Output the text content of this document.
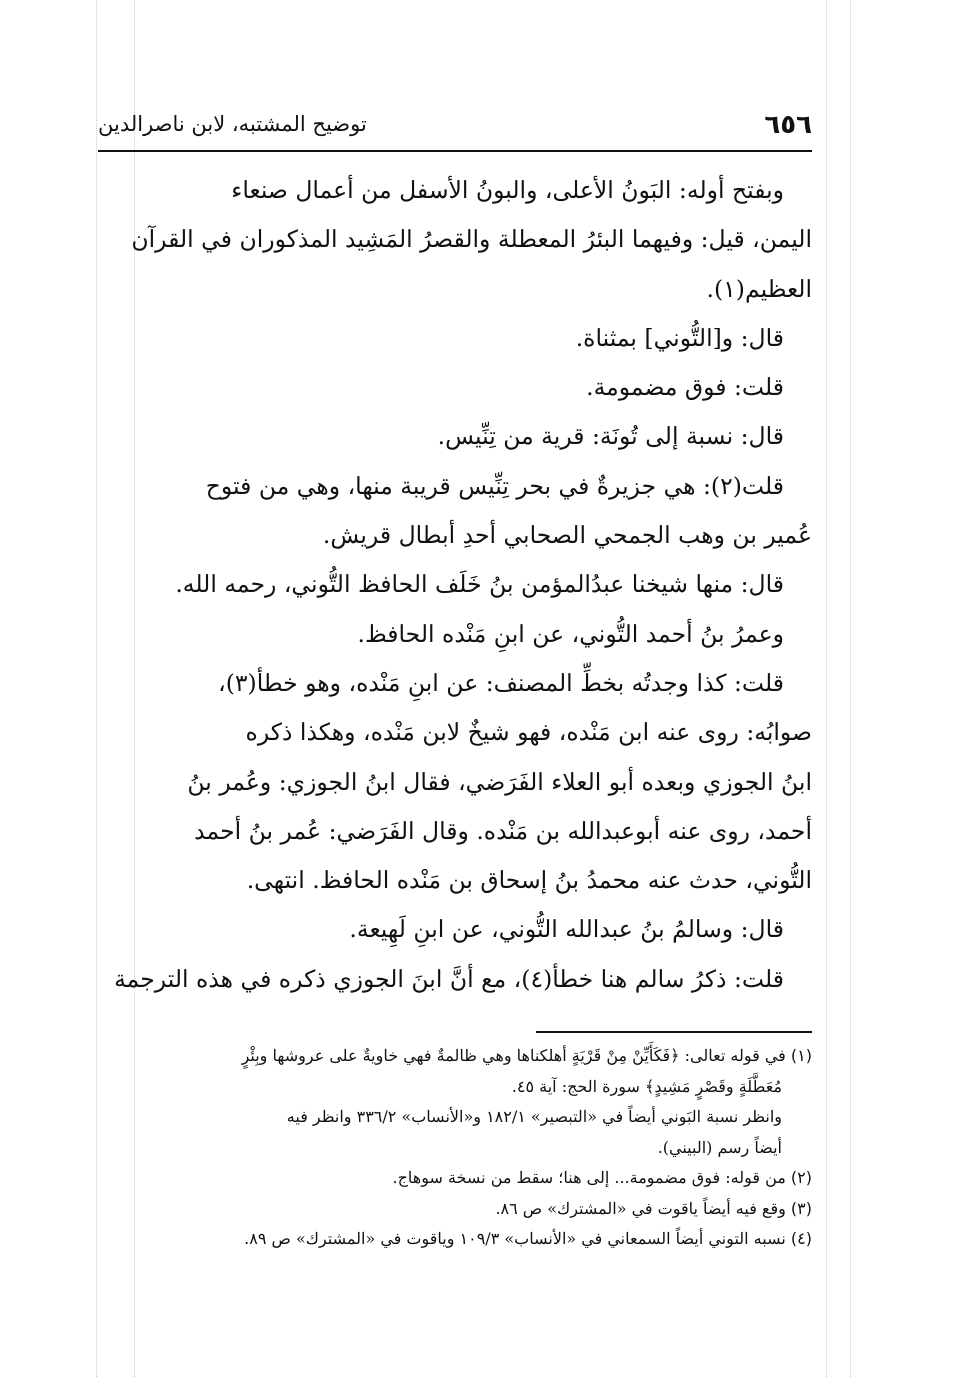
٦٥٦
توضيح المشتبه، لابن ناصرالدين

وبفتح أوله: البَونُ الأعلى، والبونُ الأسفل من أعمال صنعاء

اليمن، قيل: وفيهما البئرُ المعطلة والقصرُ المَشِيد المذكوران في القرآن

العظيم(١).

قال: و[التُّوني] بمثناة.

قلت: فوق مضمومة.

قال: نسبة إلى تُونَة: قرية من تِنِّيس.

قلت(٢): هي جزيرةٌ في بحر تِنِّيس قريبة منها، وهي من فتوح

عُمير بن وهب الجمحي الصحابي أحدِ أبطال قريش.

قال: منها شيخنا عبدُالمؤمن بنُ خَلَف الحافظ التُّوني، رحمه الله.

وعمرُ بنُ أحمد التُّوني، عن ابنِ مَنْده الحافظ.

قلت: كذا وجدتُه بخطِّ المصنف: عن ابنِ مَنْده، وهو خطأ(٣)،

صوابُه: روى عنه ابن مَنْده، فهو شيخٌ لابن مَنْده، وهكذا ذكره

ابنُ الجوزي وبعده أبو العلاء الفَرَضي، فقال ابنُ الجوزي: وعُمر بنُ

أحمد، روى عنه أبوعبدالله بن مَنْده. وقال الفَرَضي: عُمر بنُ أحمد

التُّوني، حدث عنه محمدُ بنُ إسحاق بن مَنْده الحافظ. انتهى.

قال: وسالمُ بنُ عبدالله التُّوني، عن ابنِ لَهِيعة.

قلت: ذكرُ سالم هنا خطأ(٤)، مع أنَّ ابنَ الجوزي ذكره في هذه الترجمة

(١) في قوله تعالى: ﴿فَكَأَيِّنْ مِنْ قَرْيَةٍ أهلكناها وهي ظالمةٌ فهي خاويةٌ على عروشها وبِئْرٍ

مُعَطَّلَةٍ وقَصْرٍ مَشِيدٍ﴾ سورة الحج: آية ٤٥.

وانظر نسبة البَوني أيضاً في «التبصير» ١٨٢/١ و«الأنساب» ٣٣٦/٢ وانظر فيه

أيضاً رسم (البيني).

(٢) من قوله: فوق مضمومة... إلى هنا؛ سقط من نسخة سوهاج.

(٣) وقع فيه أيضاً ياقوت في «المشترك» ص ٨٦.

(٤) نسبه التوني أيضاً السمعاني في «الأنساب» ١٠٩/٣ وياقوت في «المشترك» ص ٨٩.
